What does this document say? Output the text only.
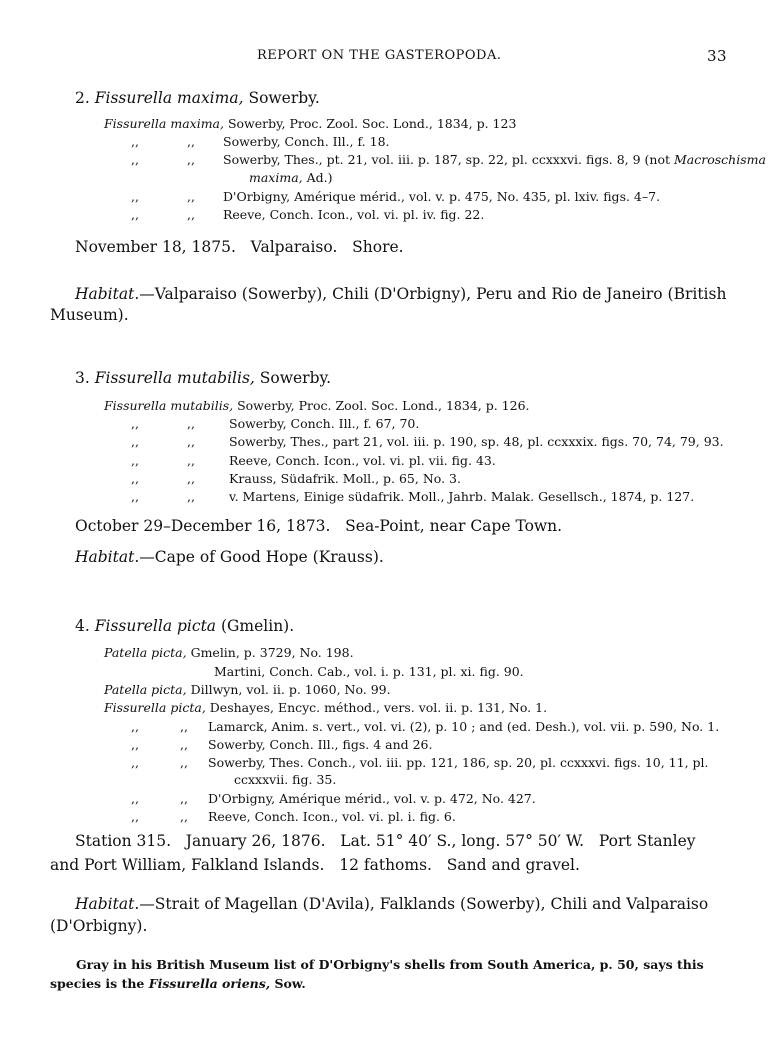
REPORT ON THE GASTEROPODA.	33
2. Fissurella maxima, Sowerby.
Fissurella maxima, Sowerby, Proc. Zool. Soc. Lond., 1834, p. 123
,,	,, Sowerby, Conch. Ill., f. 18.
,,	,, Sowerby, Thes., pt. 21, vol. iii. p. 187, sp. 22, pl. ccxxxvi. figs. 8, 9 (not Macroschisma
maxima, Ad.)
,,	,, D'Orbigny, Amérique mérid., vol. v. p. 475, No. 435, pl. lxiv. figs. 4–7.
,,	,, Reeve, Conch. Icon., vol. vi. pl. iv. fig. 22.
November 18, 1875.   Valparaiso.   Shore.
Habitat.—Valparaiso (Sowerby), Chili (D'Orbigny), Peru and Rio de Janeiro (British
Museum).
3. Fissurella mutabilis, Sowerby.
Fissurella mutabilis, Sowerby, Proc. Zool. Soc. Lond., 1834, p. 126.
,,	,,	Sowerby, Conch. Ill., f. 67, 70.
,,	,,	Sowerby, Thes., part 21, vol. iii. p. 190, sp. 48, pl. ccxxxix. figs. 70, 74, 79, 93.
,,	,,	Reeve, Conch. Icon., vol. vi. pl. vii. fig. 43.
,,	,,	Krauss, Südafrik. Moll., p. 65, No. 3.
,,	,,	v. Martens, Einige südafrik. Moll., Jahrb. Malak. Gesellsch., 1874, p. 127.
October 29–December 16, 1873.   Sea-Point, near Cape Town.
Habitat.—Cape of Good Hope (Krauss).
4. Fissurella picta (Gmelin).
Patella picta, Gmelin, p. 3729, No. 198.
Martini, Conch. Cab., vol. i. p. 131, pl. xi. fig. 90.
Patella picta, Dillwyn, vol. ii. p. 1060, No. 99.
Fissurella picta, Deshayes, Encyc. méthod., vers. vol. ii. p. 131, No. 1.
,,	,, Lamarck, Anim. s. vert., vol. vi. (2), p. 10 ; and (ed. Desh.), vol. vii. p. 590, No. 1.
,,	,, Sowerby, Conch. Ill., figs. 4 and 26.
,,	,, Sowerby, Thes. Conch., vol. iii. pp. 121, 186, sp. 20, pl. ccxxxvi. figs. 10, 11, pl.
ccxxxvii. fig. 35.
,,	,, D'Orbigny, Amérique mérid., vol. v. p. 472, No. 427.
,,	,, Reeve, Conch. Icon., vol. vi. pl. i. fig. 6.
Station 315.   January 26, 1876.   Lat. 51° 40′ S., long. 57° 50′ W.   Port Stanley
and Port William, Falkland Islands.   12 fathoms.   Sand and gravel.
Habitat.—Strait of Magellan (D'Avila), Falklands (Sowerby), Chili and Valparaiso
(D'Orbigny).
Gray in his British Museum list of D'Orbigny's shells from South America, p. 50, says this
species is the Fissurella oriens, Sow.
